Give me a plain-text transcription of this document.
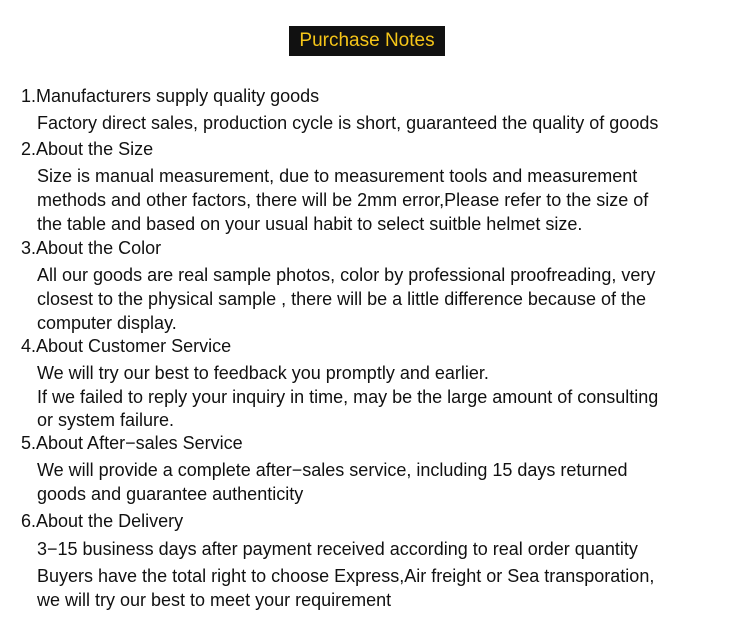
Purchase Notes
1.Manufacturers supply quality goods
Factory direct sales, production cycle is short, guaranteed the quality of goods
2.About the Size
Size is manual measurement, due to measurement tools and measurement
methods and other factors, there will be 2mm error,Please refer to the size of
the table and based on your usual habit to select suitble helmet size.
3.About the Color
All our goods are real sample photos, color by professional proofreading, very
closest to the physical sample , there will be a little difference because of the
computer display.
4.About Customer Service
We will try our best to feedback you promptly and earlier.
If we failed to reply your inquiry in time, may be the large amount of consulting
or system failure.
5.About After−sales Service
We will provide a complete after−sales service, including 15 days returned
goods and guarantee authenticity
6.About the Delivery
3−15 business days after payment received according to real order quantity
Buyers have the total right to choose Express,Air freight or Sea transporation,
we will try our best to meet your requirement
